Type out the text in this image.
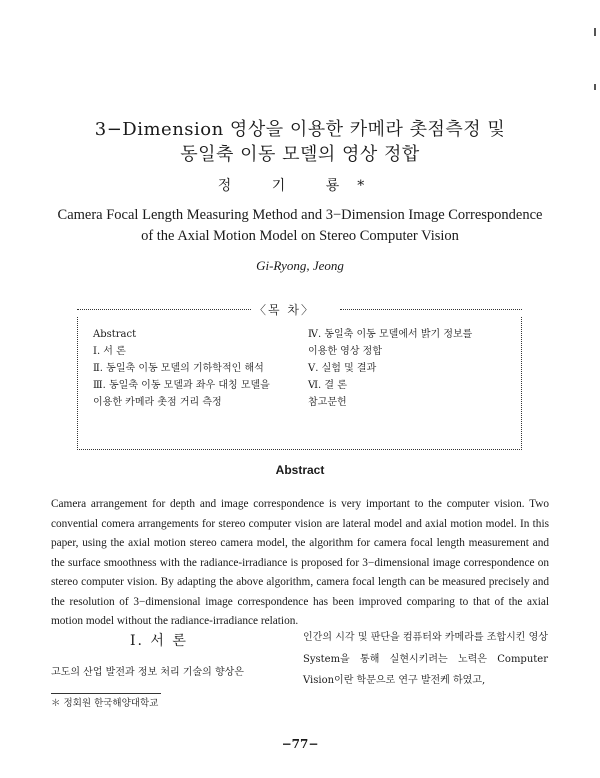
3−Dimension 영상을 이용한 카메라 촛점측정 및
동일축 이동 모델의 영상 정합
정 기 룡*
Camera Focal Length Measuring Method and 3−Dimension Image Correspondence
of the Axial Motion Model on Stereo Computer Vision
Gi-Ryong, Jeong
〈목 차〉
Abstract
Ⅰ. 서 론
Ⅱ. 동일축 이동 모델의 기하학적인 해석
Ⅲ. 동일축 이동 모델과 좌우 대칭 모델을
이용한 카메라 촛점 거리 측정
Ⅳ. 동일축 이동 모델에서 밝기 정보를
이용한 영상 정합
Ⅴ. 실험 및 결과
Ⅵ. 결 론
참고문헌
Abstract
Camera arrangement for depth and image correspondence is very important to the computer vision. Two convential comera arrangements for stereo computer vision are lateral model and axial motion model. In this paper, using the axial motion stereo camera model, the algorithm for camera focal length measurement and the surface smoothness with the radiance-irradiance is proposed for 3−dimensional image correspondence on stereo computer vision. By adapting the above algorithm, camera focal length can be measured precisely and the resolution of 3−dimensional image correspondence has been improved comparing to that of the axial motion model without the radiance-irradiance relation.
Ⅰ. 서 론
고도의 산업 발전과 정보 처리 기술의 향상은
인간의 시각 및 판단을 컴퓨터와 카메라를 조합시킨 영상 System을 통해 실현시키려는 노력은 Computer Vision이란 학문으로 연구 발전케 하였고,
＊ 정회원 한국해양대학교
−77−
